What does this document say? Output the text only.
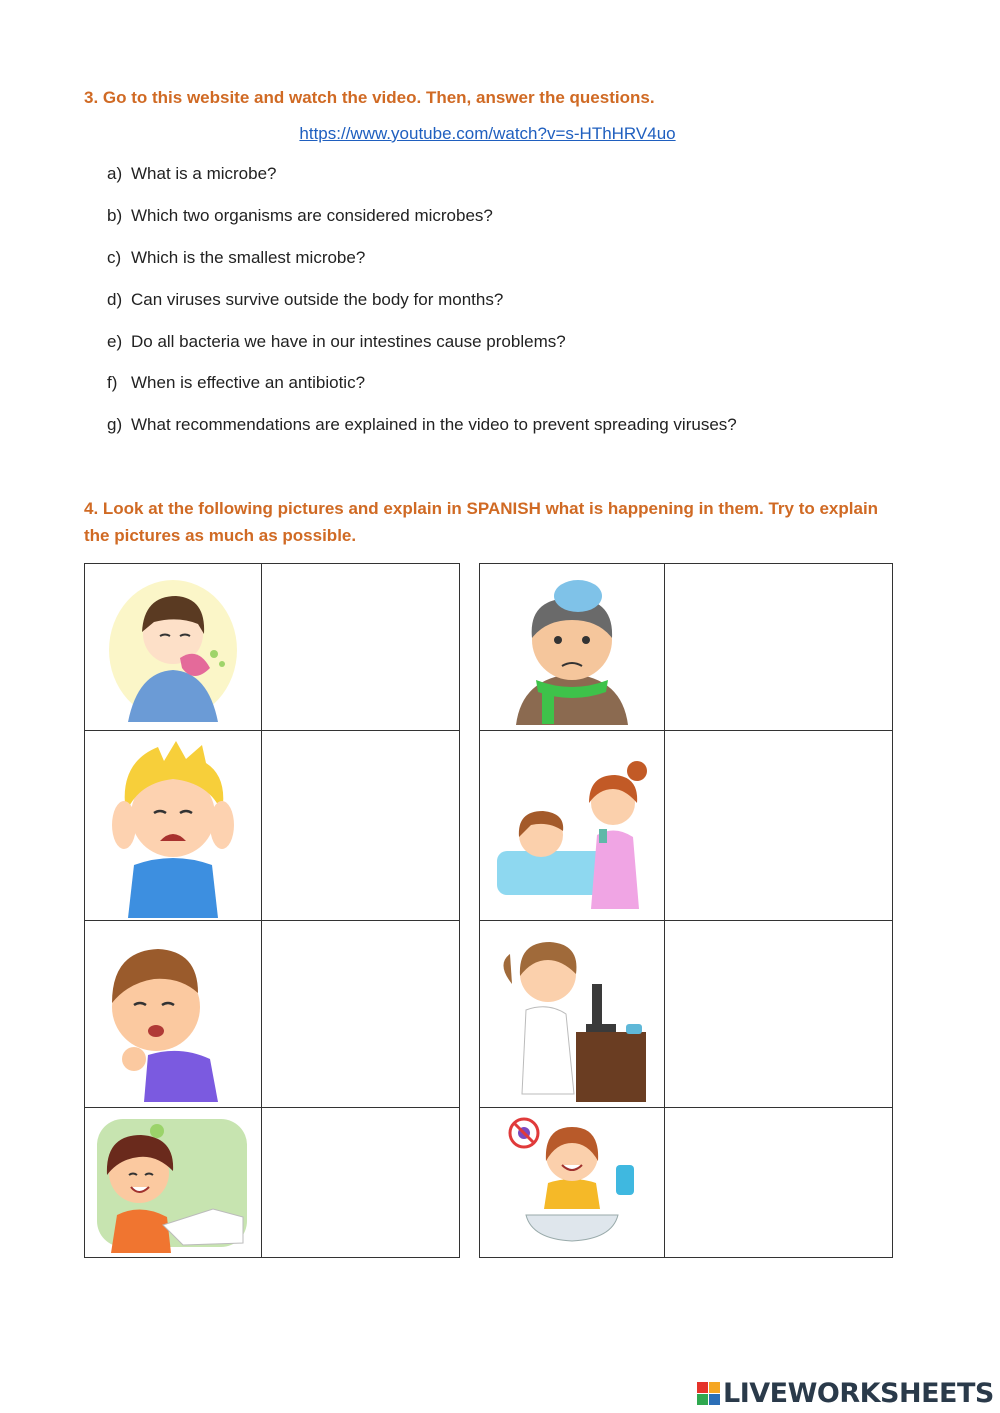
3. Go to this website and watch the video. Then, answer the questions.
https://www.youtube.com/watch?v=s-HThHRV4uo
a) What is a microbe?
b) Which two organisms are considered microbes?
c) Which is the smallest microbe?
d) Can viruses survive outside the body for months?
e) Do all bacteria we have in our intestines cause problems?
f) When is effective an antibiotic?
g) What recommendations are explained in the video to prevent spreading viruses?
4. Look at the following pictures and explain in SPANISH what is happening in them. Try to explain the pictures as much as possible.

LIVEWORKSHEETS
